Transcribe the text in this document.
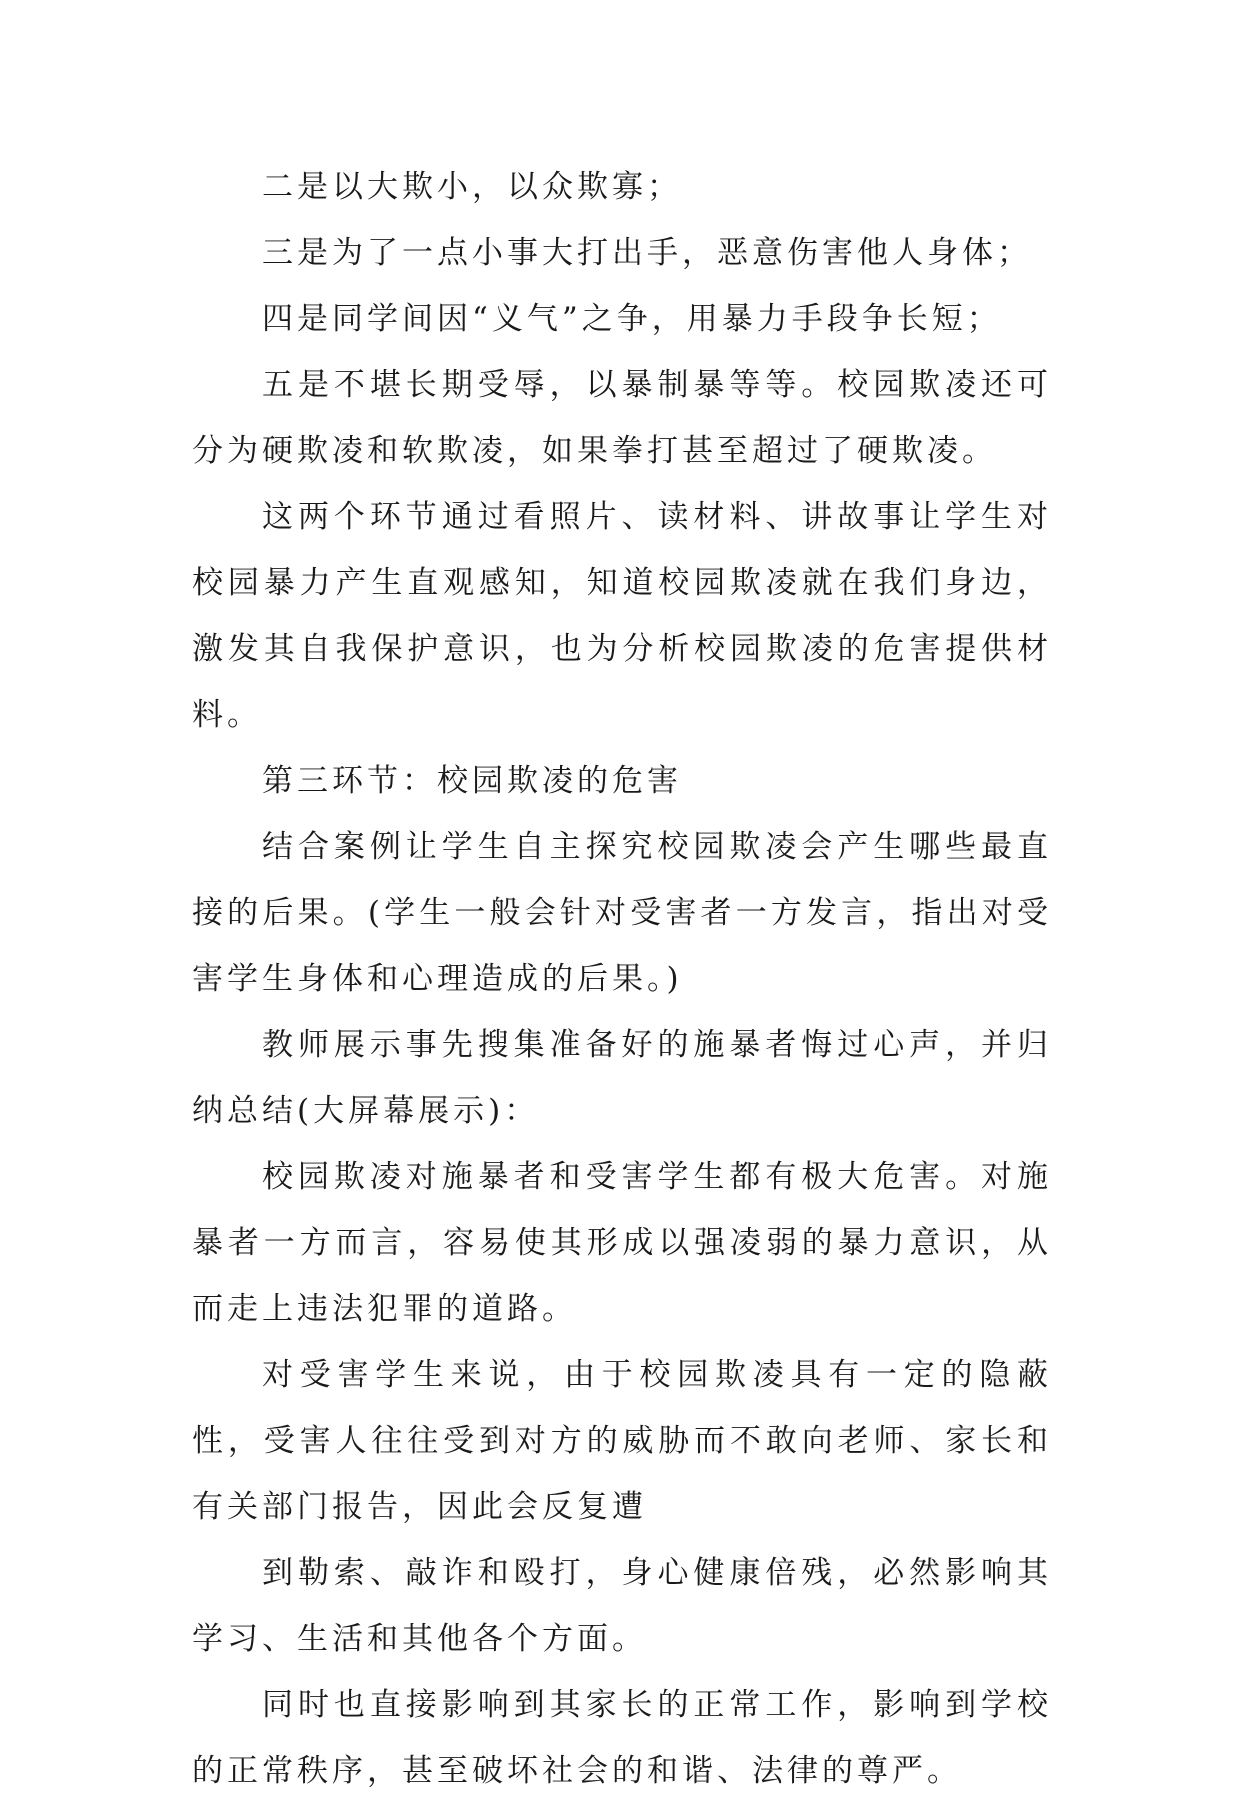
二是以大欺小，以众欺寡；

三是为了一点小事大打出手，恶意伤害他人身体；

四是同学间因“义气”之争，用暴力手段争长短；

五是不堪长期受辱，以暴制暴等等。校园欺凌还可分为硬欺凌和软欺凌，如果拳打甚至超过了硬欺凌。

这两个环节通过看照片、读材料、讲故事让学生对校园暴力产生直观感知，知道校园欺凌就在我们身边，激发其自我保护意识，也为分析校园欺凌的危害提供材料。

第三环节：校园欺凌的危害

结合案例让学生自主探究校园欺凌会产生哪些最直接的后果。(学生一般会针对受害者一方发言，指出对受害学生身体和心理造成的后果。)

教师展示事先搜集准备好的施暴者悔过心声，并归纳总结(大屏幕展示)：

校园欺凌对施暴者和受害学生都有极大危害。对施暴者一方而言，容易使其形成以强凌弱的暴力意识，从而走上违法犯罪的道路。

对受害学生来说，由于校园欺凌具有一定的隐蔽性，受害人往往受到对方的威胁而不敢向老师、家长和有关部门报告，因此会反复遭

到勒索、敲诈和殴打，身心健康倍残，必然影响其学习、生活和其他各个方面。

同时也直接影响到其家长的正常工作，影响到学校的正常秩序，甚至破坏社会的和谐、法律的尊严。
